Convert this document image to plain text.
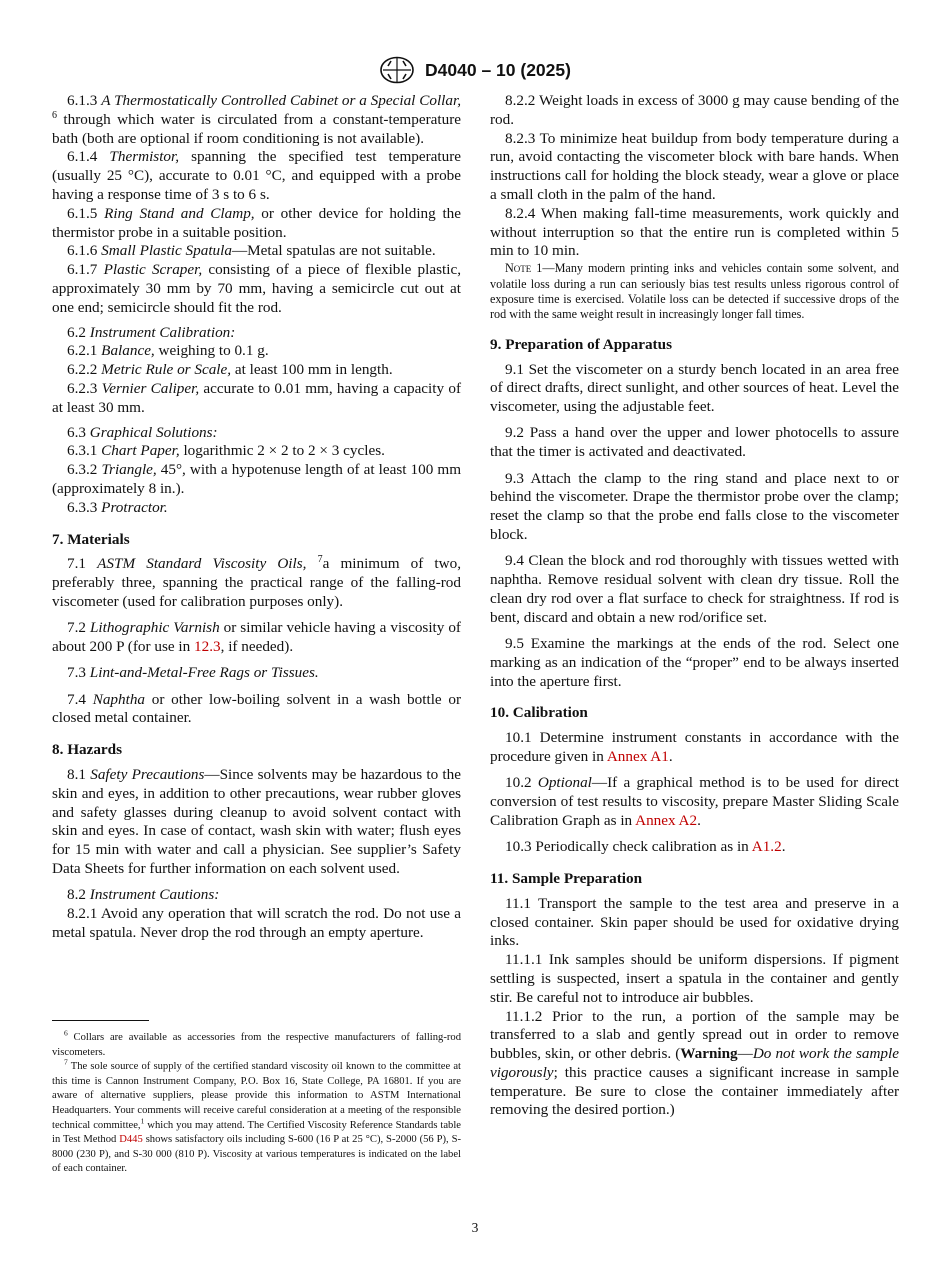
D4040 – 10 (2025)

6.1.3 A Thermostatically Controlled Cabinet or a Special Collar, $^6$ through which water is circulated from a constant-temperature bath (both are optional if room conditioning is not available).

6.1.4 Thermistor, spanning the specified test temperature (usually 25 °C), accurate to 0.01 °C, and equipped with a probe having a response time of 3 s to 6 s.

6.1.5 Ring Stand and Clamp, or other device for holding the thermistor probe in a suitable position.

6.1.6 Small Plastic Spatula—Metal spatulas are not suitable.

6.1.7 Plastic Scraper, consisting of a piece of flexible plastic, approximately 30 mm by 70 mm, having a semicircle cut out at one end; semicircle should fit the rod.

6.2 Instrument Calibration:

6.2.1 Balance, weighing to 0.1 g.

6.2.2 Metric Rule or Scale, at least 100 mm in length.

6.2.3 Vernier Caliper, accurate to 0.01 mm, having a capacity of at least 30 mm.

6.3 Graphical Solutions:

6.3.1 Chart Paper, logarithmic 2 × 2 to 2 × 3 cycles.

6.3.2 Triangle, 45°, with a hypotenuse length of at least 100 mm (approximately 8 in.).

6.3.3 Protractor.

7. Materials

7.1 ASTM Standard Viscosity Oils, $^7$a minimum of two, preferably three, spanning the practical range of the falling-rod viscometer (used for calibration purposes only).

7.2 Lithographic Varnish or similar vehicle having a viscosity of about 200 P (for use in 12.3, if needed).

7.3 Lint-and-Metal-Free Rags or Tissues.

7.4 Naphtha or other low-boiling solvent in a wash bottle or closed metal container.

8. Hazards

8.1 Safety Precautions—Since solvents may be hazardous to the skin and eyes, in addition to other precautions, wear rubber gloves and safety glasses during cleanup to avoid solvent contact with skin and eyes. In case of contact, wash skin with water; flush eyes for 15 min with water and call a physician. See supplier’s Safety Data Sheets for further information on each solvent used.

8.2 Instrument Cautions:

8.2.1 Avoid any operation that will scratch the rod. Do not use a metal spatula. Never drop the rod through an empty aperture.

$^6$ Collars are available as accessories from the respective manufacturers of falling-rod viscometers.

$^7$ The sole source of supply of the certified standard viscosity oil known to the committee at this time is Cannon Instrument Company, P.O. Box 16, State College, PA 16801. If you are aware of alternative suppliers, please provide this information to ASTM International Headquarters. Your comments will receive careful consideration at a meeting of the responsible technical committee,$^1$ which you may attend. The Certified Viscosity Reference Standards table in Test Method D445 shows satisfactory oils including S-600 (16 P at 25 °C), S-2000 (56 P), S-8000 (230 P), and S-30 000 (810 P). Viscosity at various temperatures is indicated on the label of each container.

8.2.2 Weight loads in excess of 3000 g may cause bending of the rod.

8.2.3 To minimize heat buildup from body temperature during a run, avoid contacting the viscometer block with bare hands. When instructions call for holding the block steady, wear a glove or place a small cloth in the palm of the hand.

8.2.4 When making fall-time measurements, work quickly and without interruption so that the entire run is completed within 5 min to 10 min.

Note 1—Many modern printing inks and vehicles contain some solvent, and volatile loss during a run can seriously bias test results unless rigorous control of exposure time is exercised. Volatile loss can be detected if successive drops of the rod with the same weight result in increasingly longer fall times.

9. Preparation of Apparatus

9.1 Set the viscometer on a sturdy bench located in an area free of direct drafts, direct sunlight, and other sources of heat. Level the viscometer, using the adjustable feet.

9.2 Pass a hand over the upper and lower photocells to assure that the timer is activated and deactivated.

9.3 Attach the clamp to the ring stand and place next to or behind the viscometer. Drape the thermistor probe over the clamp; reset the clamp so that the probe end falls close to the viscometer block.

9.4 Clean the block and rod thoroughly with tissues wetted with naphtha. Remove residual solvent with clean dry tissue. Roll the clean dry rod over a flat surface to check for straightness. If rod is bent, discard and obtain a new rod/orifice set.

9.5 Examine the markings at the ends of the rod. Select one marking as an indication of the “proper” end to be always inserted into the aperture first.

10. Calibration

10.1 Determine instrument constants in accordance with the procedure given in Annex A1.

10.2 Optional—If a graphical method is to be used for direct conversion of test results to viscosity, prepare Master Sliding Scale Calibration Graph as in Annex A2.

10.3 Periodically check calibration as in A1.2.

11. Sample Preparation

11.1 Transport the sample to the test area and preserve in a closed container. Skin paper should be used for oxidative drying inks.

11.1.1 Ink samples should be uniform dispersions. If pigment settling is suspected, insert a spatula in the container and gently stir. Be careful not to introduce air bubbles.

11.1.2 Prior to the run, a portion of the sample may be transferred to a slab and gently spread out in order to remove bubbles, skin, or other debris. (Warning—Do not work the sample vigorously; this practice causes a significant increase in sample temperature. Be sure to close the container immediately after removing the desired portion.)

3
